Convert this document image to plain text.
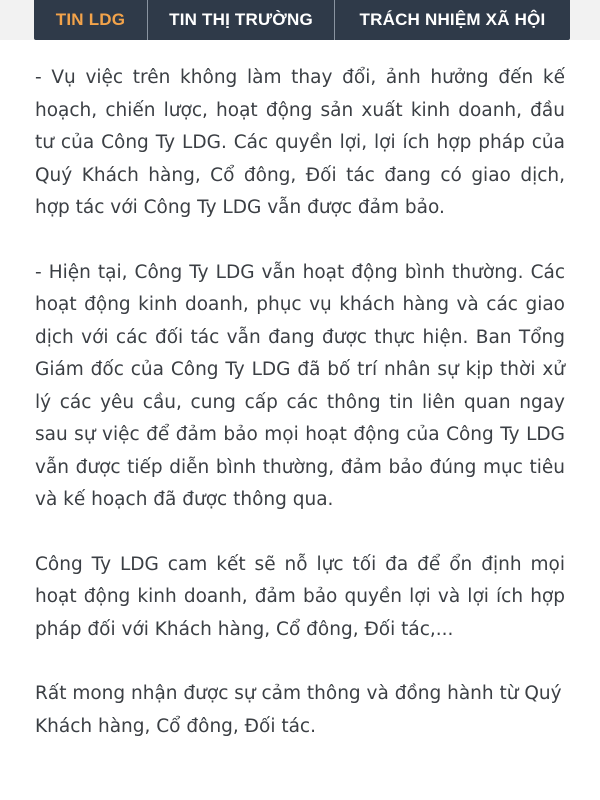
TIN LDG	TIN THỊ TRƯỜNG	TRÁCH NHIỆM XÃ HỘI

- Vụ việc trên không làm thay đổi, ảnh hưởng đến kế hoạch, chiến lược, hoạt động sản xuất kinh doanh, đầu tư của Công Ty LDG. Các quyền lợi, lợi ích hợp pháp của Quý Khách hàng, Cổ đông, Đối tác đang có giao dịch, hợp tác với Công Ty LDG vẫn được đảm bảo.

- Hiện tại, Công Ty LDG vẫn hoạt động bình thường. Các hoạt động kinh doanh, phục vụ khách hàng và các giao dịch với các đối tác vẫn đang được thực hiện. Ban Tổng Giám đốc của Công Ty LDG đã bố trí nhân sự kịp thời xử lý các yêu cầu, cung cấp các thông tin liên quan ngay sau sự việc để đảm bảo mọi hoạt động của Công Ty LDG vẫn được tiếp diễn bình thường, đảm bảo đúng mục tiêu và kế hoạch đã được thông qua.

Công Ty LDG cam kết sẽ nỗ lực tối đa để ổn định mọi hoạt động kinh doanh, đảm bảo quyền lợi và lợi ích hợp pháp đối với Khách hàng, Cổ đông, Đối tác,...

Rất mong nhận được sự cảm thông và đồng hành từ Quý Khách hàng, Cổ đông, Đối tác.
